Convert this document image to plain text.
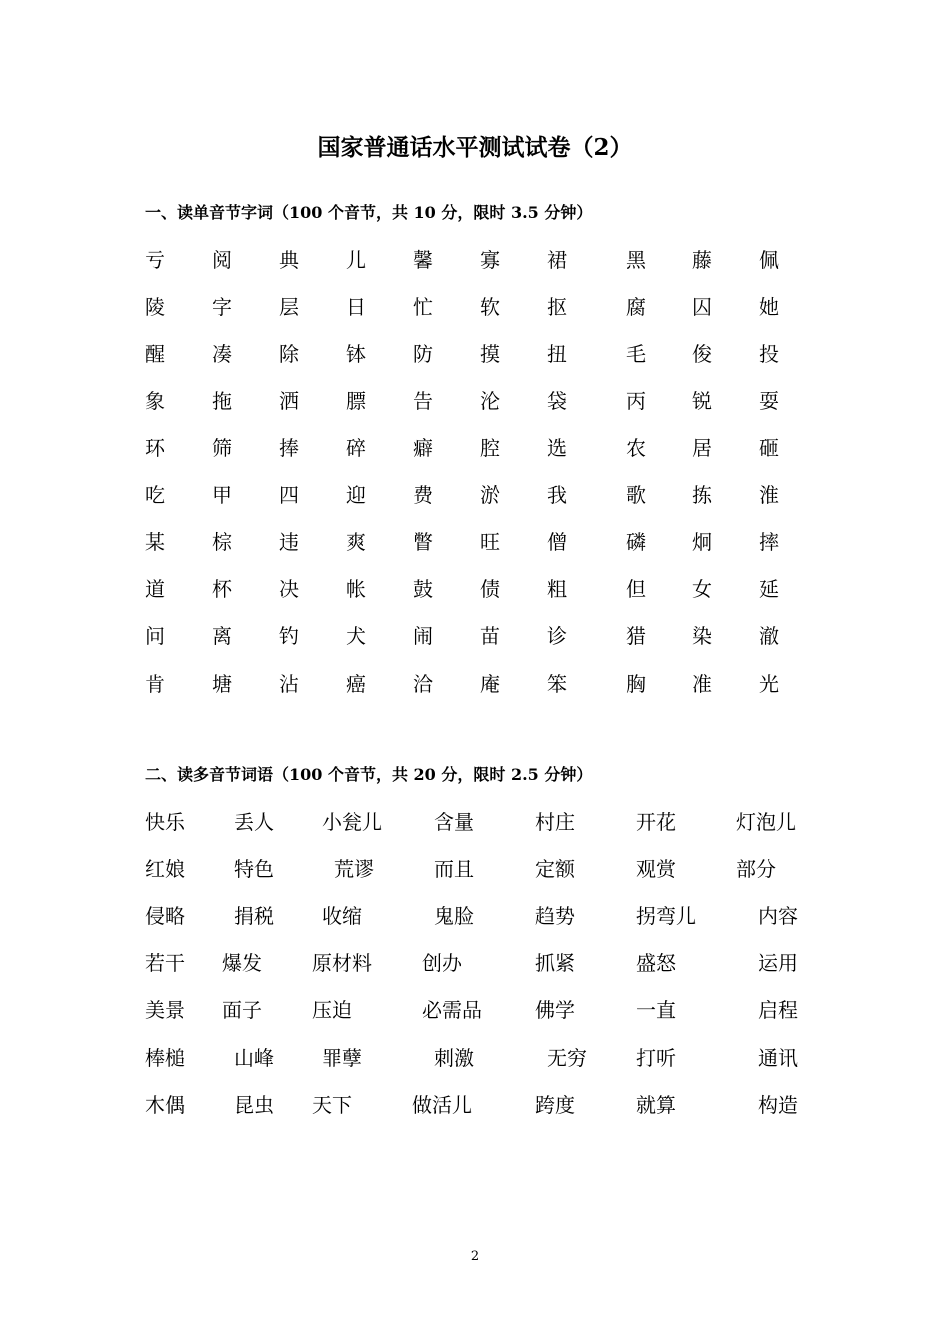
国家普通话水平测试试卷（2）
一、读单音节字词（100 个音节，共 10 分，限时 3.5 分钟）
亏 阅 典 儿 馨 寡 裙	黑 藤 佩
陵 字 层 日 忙 软 抠	腐 囚 她
醒 凑 除 钵 防 摸 扭	毛 俊 投
象 拖 洒 膘 告 沦 袋	丙 锐 耍
环 筛 捧 碎 癖 腔 选	农 居 砸
吃 甲 四 迎 费 淤 我	歌 拣 淮
某 棕 违 爽 瞥 旺 僧	磷 炯 摔
道 杯 决 帐 鼓 债 粗	但 女 延
问 离 钓 犬 闹 苗 诊	猎 染 澈
肯 塘 沾 癌 洽 庵 笨	胸 准 光
二、读多音节词语（100 个音节，共 20 分，限时 2.5 分钟）
快乐 丢人 小瓮儿	含量	村庄	开花	灯泡儿
红娘 特色	荒谬	而且	定额	观赏	部分
侵略 捐税 收缩	鬼脸	趋势	拐弯儿	内容
若干 爆发	原材料	创办	抓紧	盛怒	运用
美景 面子	压迫	必需品	佛学	一直	启程
棒槌 山峰 罪孽	刺激	无穷 打听	通讯
木偶 昆虫 天下	做活儿	跨度	就算	构造
2
